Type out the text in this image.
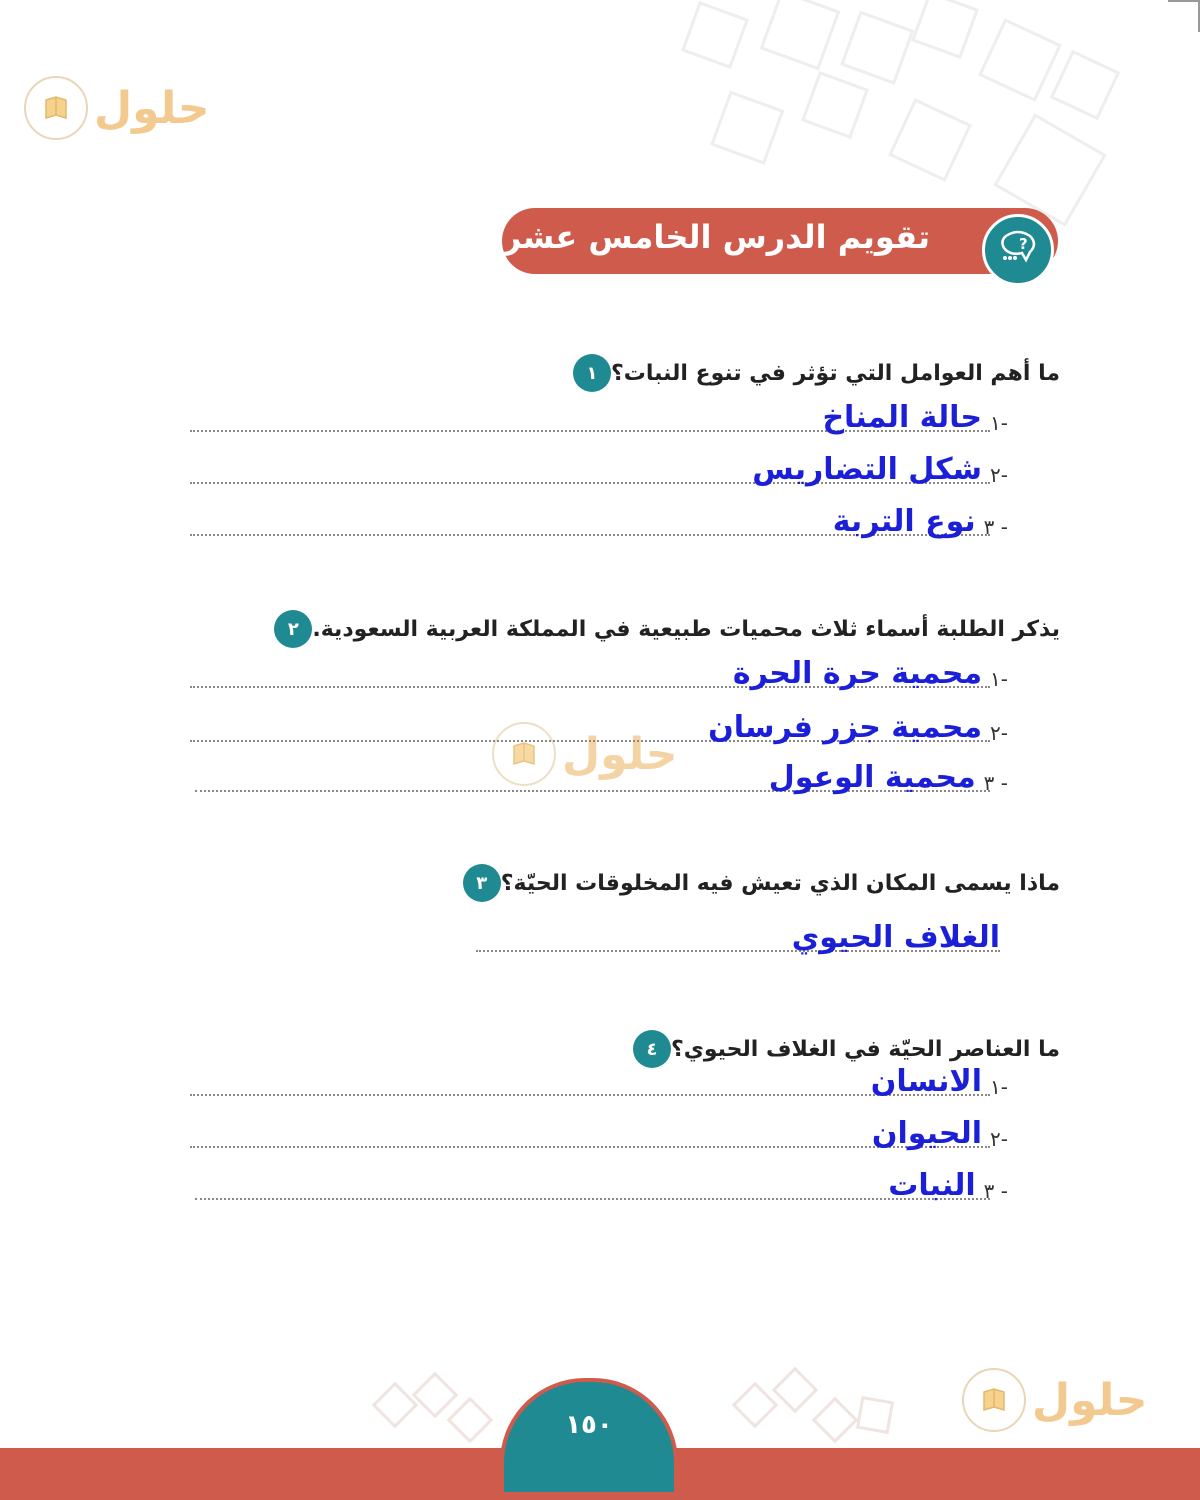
حلول
حلول
حلول
تقويم الدرس الخامس عشر	?
١ ما أهم العوامل التي تؤثر في تنوع النبات؟
-١
حالة المناخ
-٢
شكل التضاريس
- ٣
نوع التربة
٢ يذكر الطلبة أسماء ثلاث محميات طبيعية في المملكة العربية السعودية.
-١
محمية حرة الحرة
-٢
محمية جزر فرسان
- ٣
محمية الوعول
٣ ماذا يسمى المكان الذي تعيش فيه المخلوقات الحيّة؟
الغلاف الحيوي
٤ ما العناصر الحيّة في الغلاف الحيوي؟
-١
الانسان
-٢
الحيوان
- ٣
النبات
١٥٠
